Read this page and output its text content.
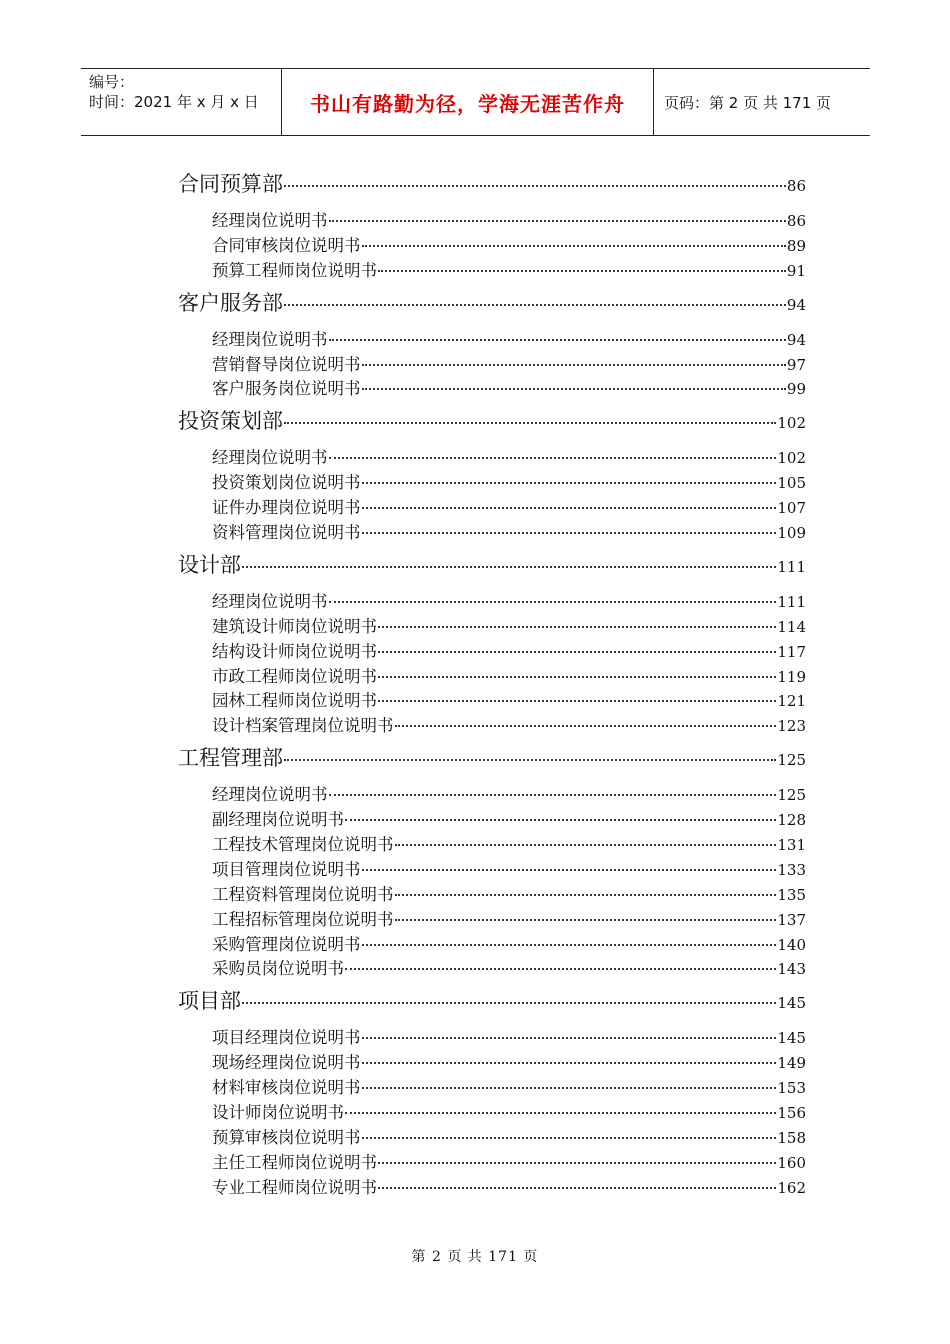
编号：
时间：2021 年 x 月 x 日	书山有路勤为径，学海无涯苦作舟	页码：第 2 页 共 171 页
合同预算部	86
经理岗位说明书	86
合同审核岗位说明书	89
预算工程师岗位说明书	91
客户服务部	94
经理岗位说明书	94
营销督导岗位说明书	97
客户服务岗位说明书	99
投资策划部	102
经理岗位说明书	102
投资策划岗位说明书	105
证件办理岗位说明书	107
资料管理岗位说明书	109
设计部	111
经理岗位说明书	111
建筑设计师岗位说明书	114
结构设计师岗位说明书	117
市政工程师岗位说明书	119
园林工程师岗位说明书	121
设计档案管理岗位说明书	123
工程管理部	125
经理岗位说明书	125
副经理岗位说明书	128
工程技术管理岗位说明书	131
项目管理岗位说明书	133
工程资料管理岗位说明书	135
工程招标管理岗位说明书	137
采购管理岗位说明书	140
采购员岗位说明书	143
项目部	145
项目经理岗位说明书	145
现场经理岗位说明书	149
材料审核岗位说明书	153
设计师岗位说明书	156
预算审核岗位说明书	158
主任工程师岗位说明书	160
专业工程师岗位说明书	162
第 2 页 共 171 页
